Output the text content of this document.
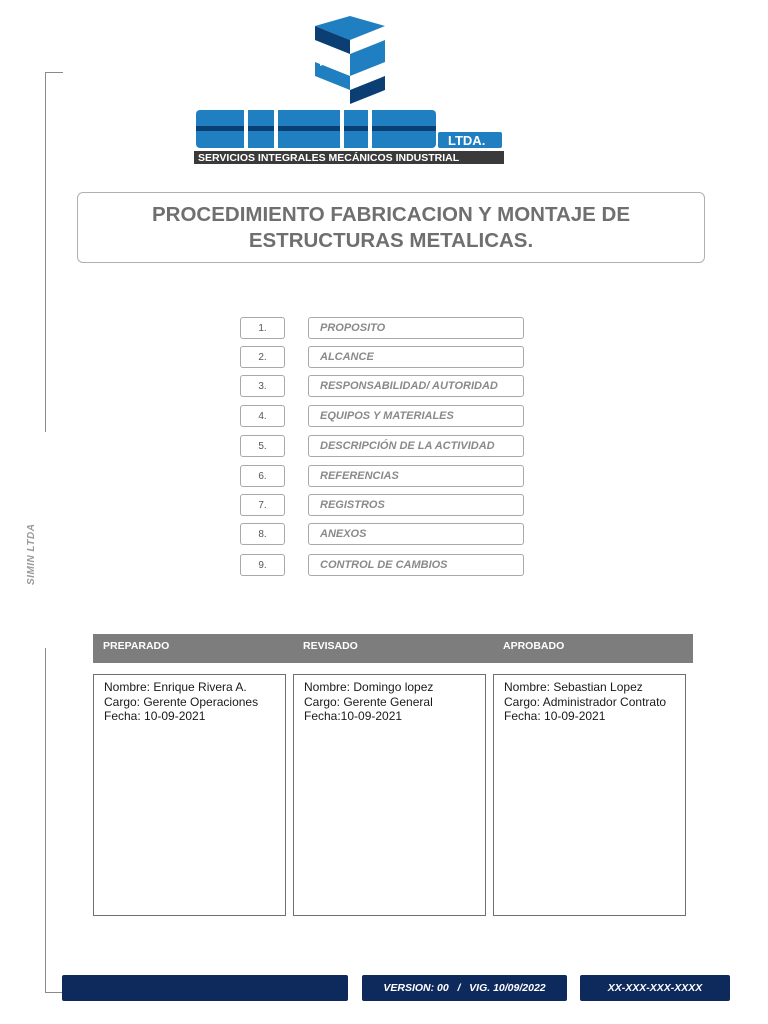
SIMIN LTDA
LTDA.
SERVICIOS INTEGRALES MECÁNICOS INDUSTRIAL
PROCEDIMIENTO FABRICACION Y MONTAJE DE ESTRUCTURAS METALICAS.
1.	PROPOSITO
2.	ALCANCE
3.	RESPONSABILIDAD/ AUTORIDAD
4.	EQUIPOS Y MATERIALES
5.	DESCRIPCIÓN DE LA ACTIVIDAD
6.	REFERENCIAS
7.	REGISTROS
8.	ANEXOS
9.	CONTROL DE CAMBIOS
PREPARADO	REVISADO	APROBADO
Nombre: Enrique Rivera A.
Cargo: Gerente Operaciones
Fecha: 10-09-2021
Nombre: Domingo lopez
Cargo: Gerente General
Fecha:10-09-2021
Nombre: Sebastian Lopez
Cargo: Administrador Contrato
Fecha: 10-09-2021
VERSION: 00   /   VIG. 10/09/2022	XX-XXX-XXX-XXXX
